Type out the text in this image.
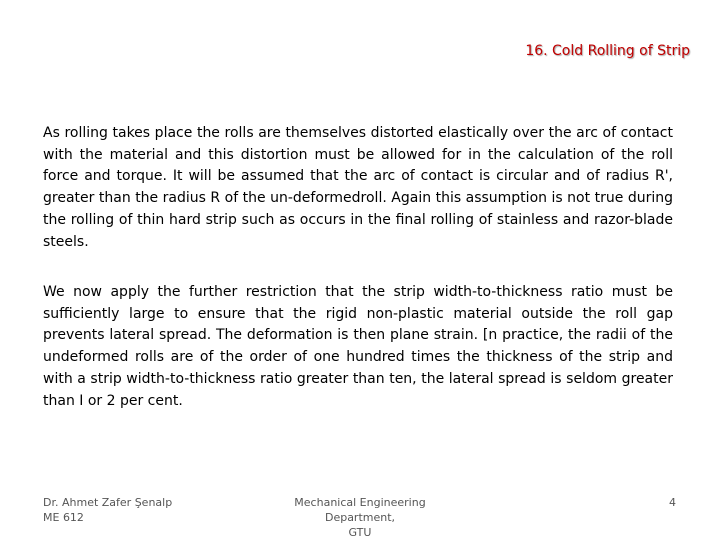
16. Cold Rolling of Strip

As rolling takes place the rolls are themselves distorted elastically over the arc of contact with the material and this distortion must be allowed for in the calculation of the roll force and torque. It will be assumed that the arc of contact is circular and of radius R', greater than the radius R of the un-deformedroll. Again this assumption is not true during the rolling of thin hard strip such as occurs in the final rolling of stainless and razor-blade steels.

We now apply the further restriction that the strip width-to-thickness ratio must be sufficiently large to ensure that the rigid non-plastic material outside the roll gap prevents lateral spread. The deformation is then plane strain. [n practice, the radii of the undeformed rolls are of the order of one hundred times the thickness of the strip and with a strip width-to-thickness ratio greater than ten, the lateral spread is seldom greater than I or 2 per cent.

Dr. Ahmet Zafer Şenalp
ME 612
Mechanical Engineering Department,
GTU
4
